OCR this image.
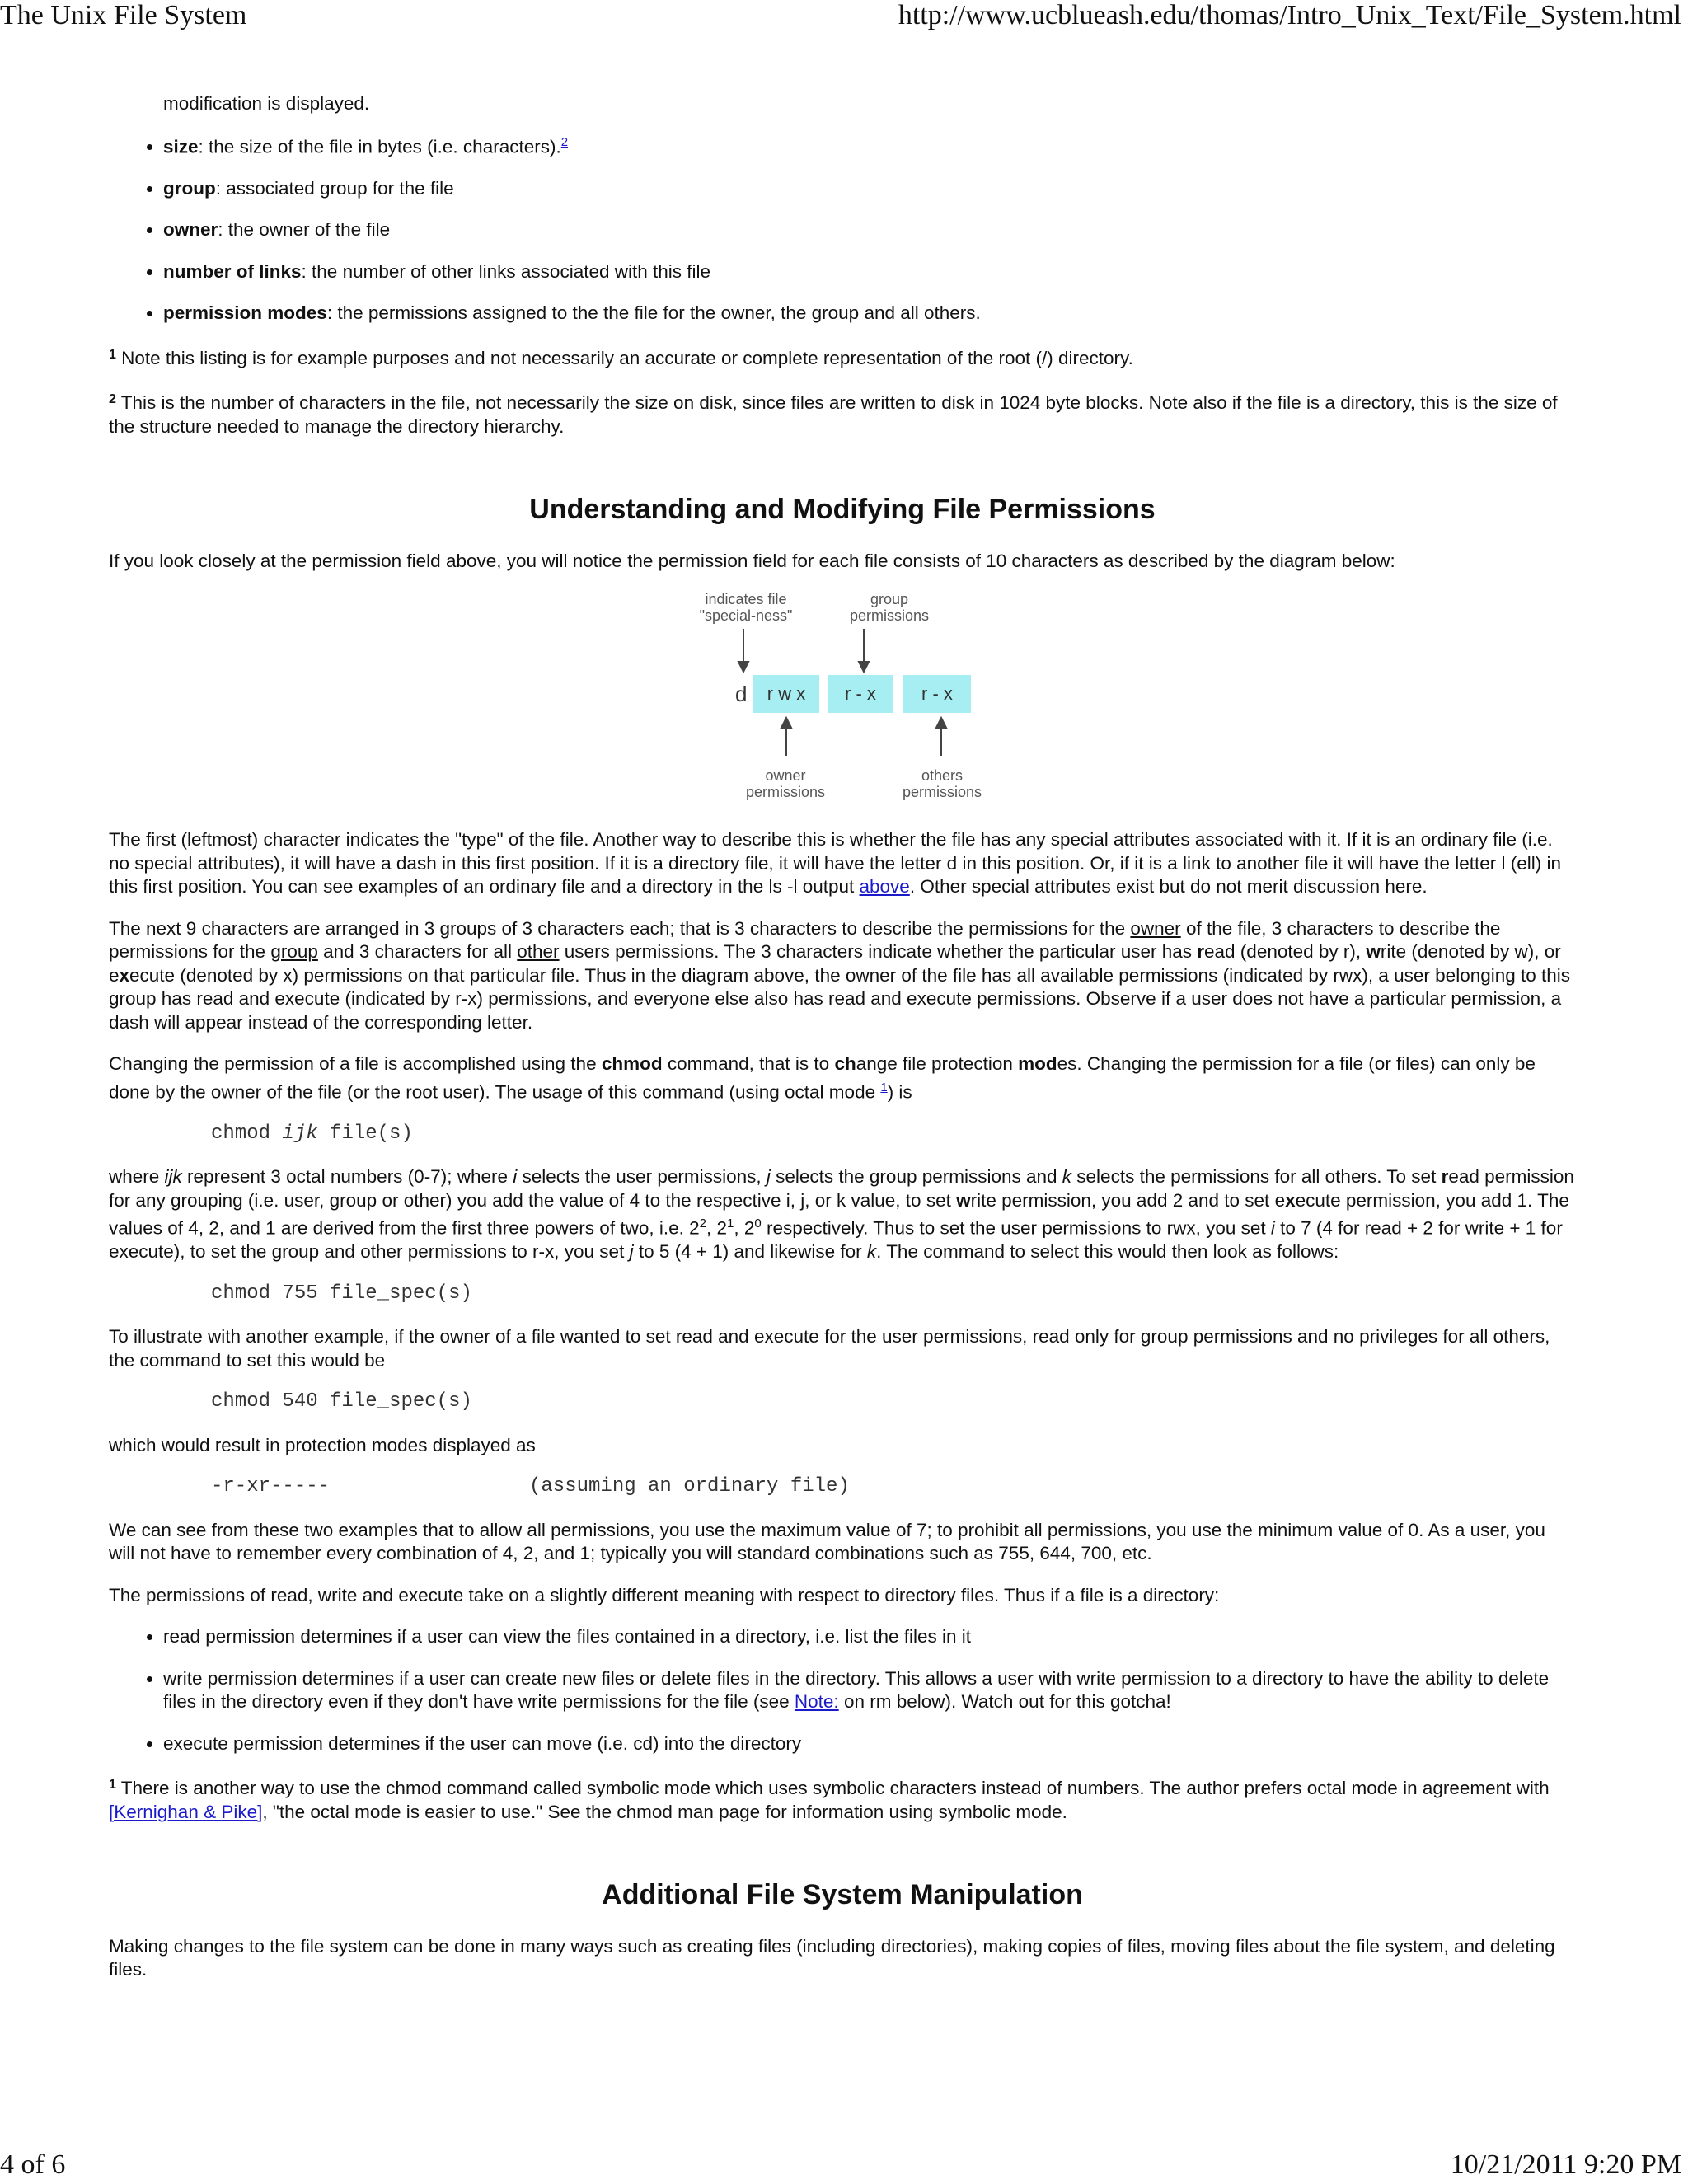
The Unix File System	http://www.ucblueash.edu/thomas/Intro_Unix_Text/File_System.html

modification is displayed.

• size: the size of the file in bytes (i.e. characters).$^2$
• group: associated group for the file
• owner: the owner of the file
• number of links: the number of other links associated with this file
• permission modes: the permissions assigned to the the file for the owner, the group and all others.

$^1$ Note this listing is for example purposes and not necessarily an accurate or complete representation of the root (/) directory.

$^2$ This is the number of characters in the file, not necessarily the size on disk, since files are written to disk in 1024 byte blocks. Note also if the file is a directory, this is the size of the structure needed to manage the directory hierarchy.

Understanding and Modifying File Permissions

If you look closely at the permission field above, you will notice the permission field for each file consists of 10 characters as described by the diagram below:

indicates file
"special-ness"
group
permissions
d	r w x	r - x	r - x
owner
permissions
others
permissions

The first (leftmost) character indicates the "type" of the file. Another way to describe this is whether the file has any special attributes associated with it. If it is an ordinary file (i.e. no special attributes), it will have a dash in this first position. If it is a directory file, it will have the letter d in this position. Or, if it is a link to another file it will have the letter l (ell) in this first position. You can see examples of an ordinary file and a directory in the ls -l output above. Other special attributes exist but do not merit discussion here.

The next 9 characters are arranged in 3 groups of 3 characters each; that is 3 characters to describe the permissions for the owner of the file, 3 characters to describe the permissions for the group and 3 characters for all other users permissions. The 3 characters indicate whether the particular user has read (denoted by r), write (denoted by w), or execute (denoted by x) permissions on that particular file. Thus in the diagram above, the owner of the file has all available permissions (indicated by rwx), a user belonging to this group has read and execute (indicated by r-x) permissions, and everyone else also has read and execute permissions. Observe if a user does not have a particular permission, a dash will appear instead of the corresponding letter.

Changing the permission of a file is accomplished using the chmod command, that is to change file protection modes. Changing the permission for a file (or files) can only be done by the owner of the file (or the root user). The usage of this command (using octal mode $^1$) is

chmod ijk file(s)

where ijk represent 3 octal numbers (0-7); where i selects the user permissions, j selects the group permissions and k selects the permissions for all others. To set read permission for any grouping (i.e. user, group or other) you add the value of 4 to the respective i, j, or k value, to set write permission, you add 2 and to set execute permission, you add 1. The values of 4, 2, and 1 are derived from the first three powers of two, i.e. $2^2$, $2^1$, $2^0$ respectively. Thus to set the user permissions to rwx, you set i to 7 (4 for read + 2 for write + 1 for execute), to set the group and other permissions to r-x, you set j to 5 (4 + 1) and likewise for k. The command to select this would then look as follows:

chmod 755 file_spec(s)

To illustrate with another example, if the owner of a file wanted to set read and execute for the user permissions, read only for group permissions and no privileges for all others, the command to set this would be

chmod 540 file_spec(s)

which would result in protection modes displayed as

-r-xr-----	(assuming an ordinary file)

We can see from these two examples that to allow all permissions, you use the maximum value of 7; to prohibit all permissions, you use the minimum value of 0. As a user, you will not have to remember every combination of 4, 2, and 1; typically you will standard combinations such as 755, 644, 700, etc.

The permissions of read, write and execute take on a slightly different meaning with respect to directory files. Thus if a file is a directory:

• read permission determines if a user can view the files contained in a directory, i.e. list the files in it
• write permission determines if a user can create new files or delete files in the directory. This allows a user with write permission to a directory to have the ability to delete files in the directory even if they don't have write permissions for the file (see Note: on rm below). Watch out for this gotcha!
• execute permission determines if the user can move (i.e. cd) into the directory

$^1$ There is another way to use the chmod command called symbolic mode which uses symbolic characters instead of numbers. The author prefers octal mode in agreement with [Kernighan & Pike], "the octal mode is easier to use." See the chmod man page for information using symbolic mode.

Additional File System Manipulation

Making changes to the file system can be done in many ways such as creating files (including directories), making copies of files, moving files about the file system, and deleting files.

4 of 6	10/21/2011 9:20 PM
